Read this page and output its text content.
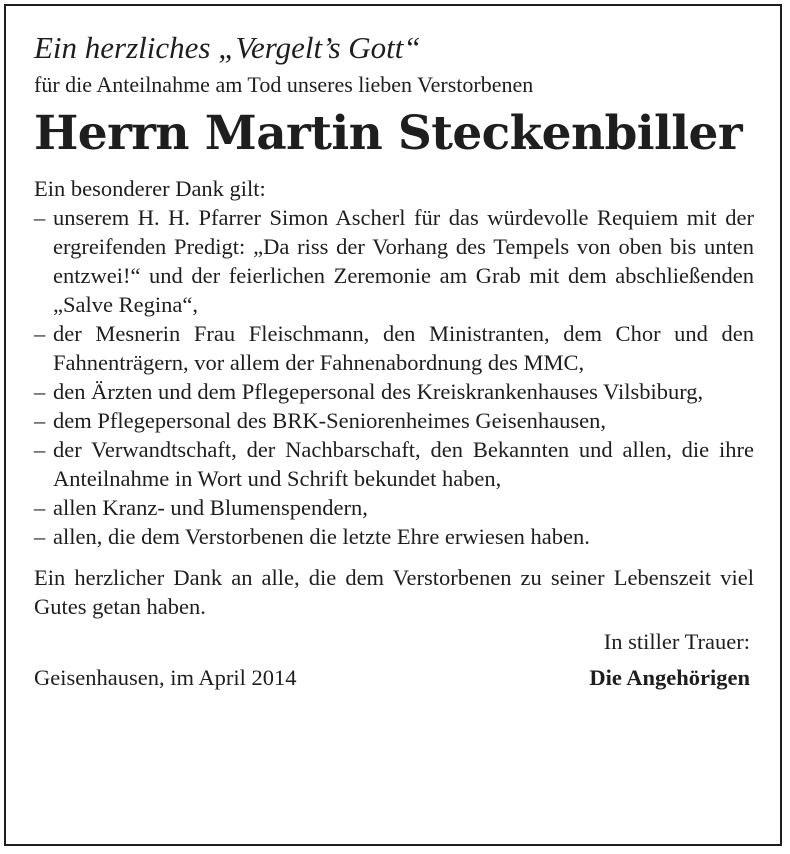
Ein herzliches „Vergelt’s Gott“

für die Anteilnahme am Tod unseres lieben Verstorbenen

Herrn Martin Steckenbiller

Ein besonderer Dank gilt:

– unserem H. H. Pfarrer Simon Ascherl für das würdevolle Requiem mit der ergreifenden Predigt: „Da riss der Vorhang des Tempels von oben bis unten entzwei!“ und der feierlichen Zeremonie am Grab mit dem abschließenden „Salve Regina“,
– der Mesnerin Frau Fleischmann, den Ministranten, dem Chor und den Fahnenträgern, vor allem der Fahnenabordnung des MMC,
– den Ärzten und dem Pflegepersonal des Kreiskrankenhauses Vilsbiburg,
– dem Pflegepersonal des BRK-Seniorenheimes Geisenhausen,
– der Verwandtschaft, der Nachbarschaft, den Bekannten und allen, die ihre Anteilnahme in Wort und Schrift bekundet haben,
– allen Kranz- und Blumenspendern,
– allen, die dem Verstorbenen die letzte Ehre erwiesen haben.

Ein herzlicher Dank an alle, die dem Verstorbenen zu seiner Lebenszeit viel Gutes getan haben.

In stiller Trauer:
Geisenhausen, im April 2014	Die Angehörigen
